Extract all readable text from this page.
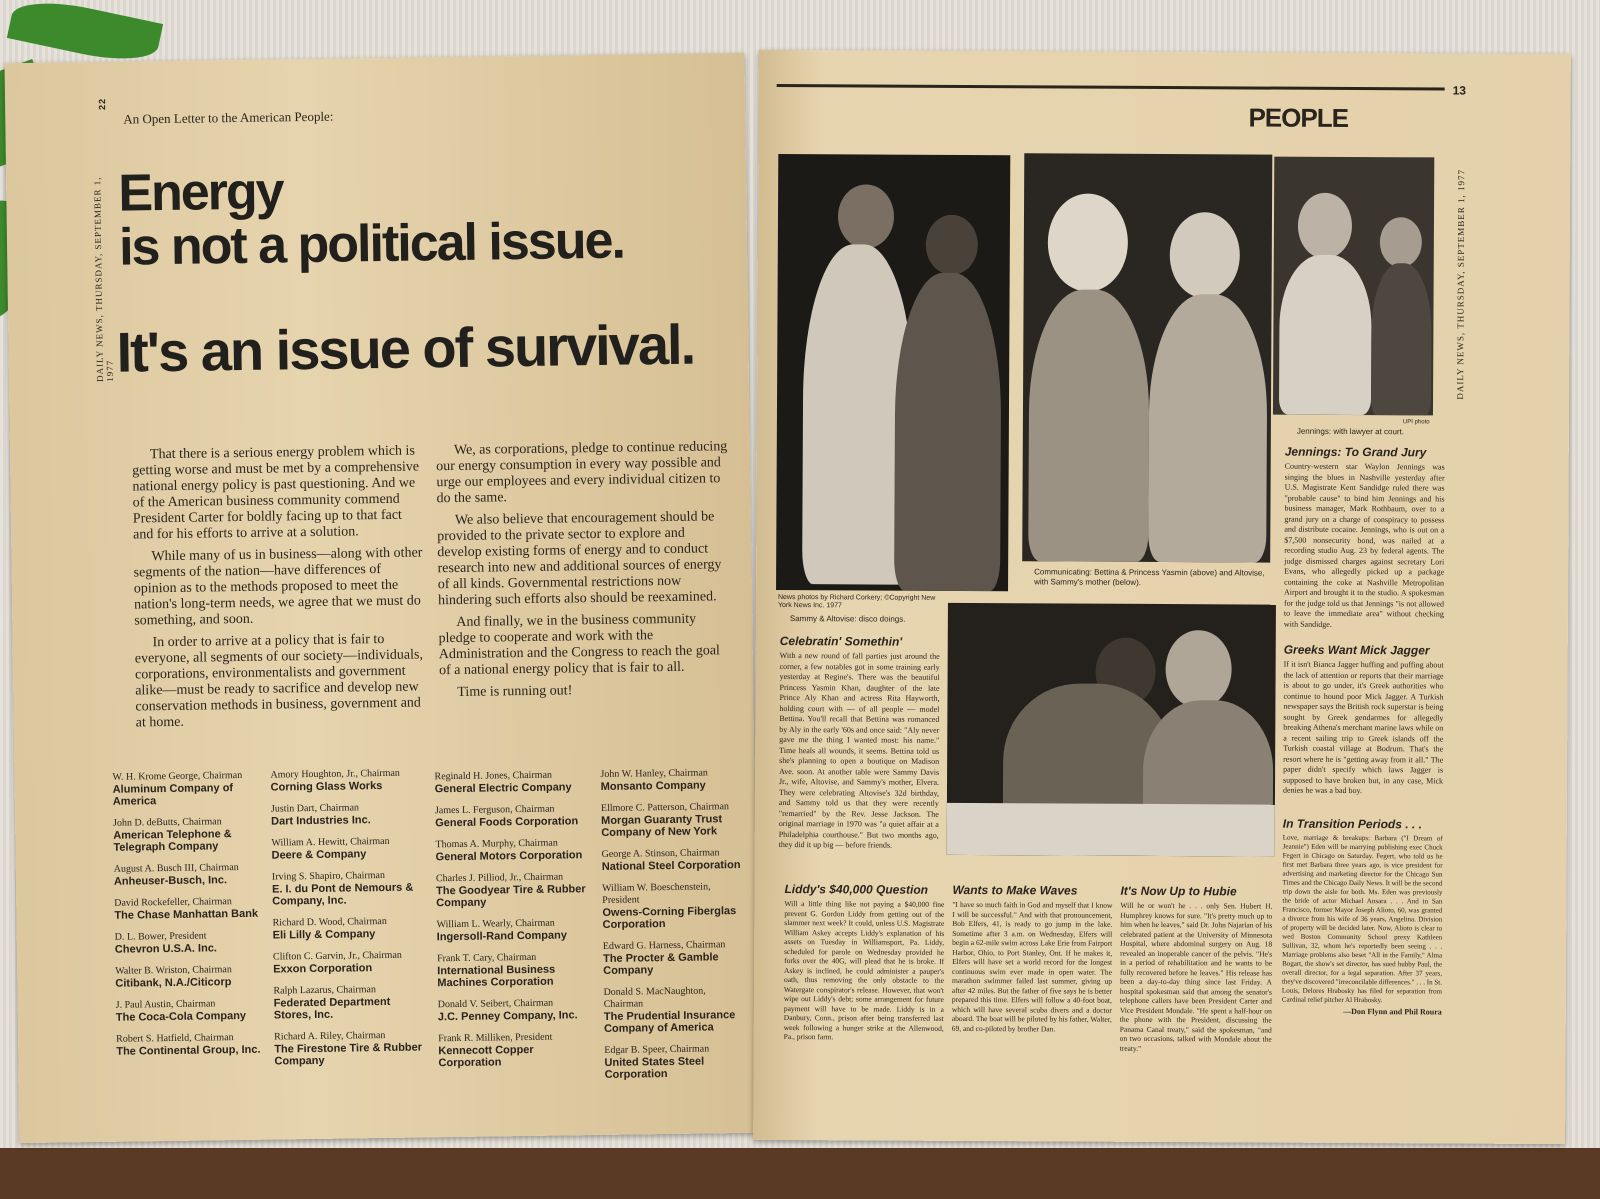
22
DAILY NEWS, THURSDAY, SEPTEMBER 1, 1977
An Open Letter to the American People:
Energy
is not a political issue.
It's an issue of survival.

That there is a serious energy problem which is getting worse and must be met by a comprehensive national energy policy is past questioning. And we of the American business community commend President Carter for boldly facing up to that fact and for his efforts to arrive at a solution.

While many of us in business—along with other segments of the nation—have differences of opinion as to the methods proposed to meet the nation's long-term needs, we agree that we must do something, and soon.

In order to arrive at a policy that is fair to everyone, all segments of our society—individuals, corporations, environmentalists and government alike—must be ready to sacrifice and develop new conservation methods in business, government and at home.

We, as corporations, pledge to continue reducing our energy consumption in every way possible and urge our employees and every individual citizen to do the same.

We also believe that encouragement should be provided to the private sector to explore and develop existing forms of energy and to conduct research into new and additional sources of energy of all kinds. Governmental restrictions now hindering such efforts also should be reexamined.

And finally, we in the business community pledge to cooperate and work with the Administration and the Congress to reach the goal of a national energy policy that is fair to all.

Time is running out!

W. H. Krome George, Chairman
Aluminum Company of America
John D. deButts, Chairman
American Telephone & Telegraph Company
August A. Busch III, Chairman
Anheuser-Busch, Inc.
David Rockefeller, Chairman
The Chase Manhattan Bank
D. L. Bower, President
Chevron U.S.A. Inc.
Walter B. Wriston, Chairman
Citibank, N.A./Citicorp
J. Paul Austin, Chairman
The Coca-Cola Company
Robert S. Hatfield, Chairman
The Continental Group, Inc.
Amory Houghton, Jr., Chairman
Corning Glass Works
Justin Dart, Chairman
Dart Industries Inc.
William A. Hewitt, Chairman
Deere & Company
Irving S. Shapiro, Chairman
E. I. du Pont de Nemours & Company, Inc.
Richard D. Wood, Chairman
Eli Lilly & Company
Clifton C. Garvin, Jr., Chairman
Exxon Corporation
Ralph Lazarus, Chairman
Federated Department Stores, Inc.
Richard A. Riley, Chairman
The Firestone Tire & Rubber Company
Reginald H. Jones, Chairman
General Electric Company
James L. Ferguson, Chairman
General Foods Corporation
Thomas A. Murphy, Chairman
General Motors Corporation
Charles J. Pilliod, Jr., Chairman
The Goodyear Tire & Rubber Company
William L. Wearly, Chairman
Ingersoll-Rand Company
Frank T. Cary, Chairman
International Business Machines Corporation
Donald V. Seibert, Chairman
J.C. Penney Company, Inc.
Frank R. Milliken, President
Kennecott Copper Corporation
John W. Hanley, Chairman
Monsanto Company
Ellmore C. Patterson, Chairman
Morgan Guaranty Trust Company of New York
George A. Stinson, Chairman
National Steel Corporation
William W. Boeschenstein, President
Owens-Corning Fiberglas Corporation
Edward G. Harness, Chairman
The Procter & Gamble Company
Donald S. MacNaughton, Chairman
The Prudential Insurance Company of America
Edgar B. Speer, Chairman
United States Steel Corporation
13
PEOPLE
DAILY NEWS, THURSDAY, SEPTEMBER 1, 1977
News photos by Richard Corkery; ©Copyright New York News Inc. 1977
Sammy & Altovise: disco doings.
Communicating: Bettina & Princess Yasmin (above) and Altovise, with Sammy's mother (below).
UPI photo
Jennings: with lawyer at court.
Celebratin' Somethin'
With a new round of fall parties just around the corner, a few notables got in some training early yesterday at Regine's. There was the beautiful Princess Yasmin Khan, daughter of the late Prince Aly Khan and actress Rita Hayworth, holding court with — of all people — model Bettina. You'll recall that Bettina was romanced by Aly in the early '60s and once said: "Aly never gave me the thing I wanted most: his name." Time heals all wounds, it seems. Bettina told us she's planning to open a boutique on Madison Ave. soon. At another table were Sammy Davis Jr., wife, Altovise, and Sammy's mother, Elvera. They were celebrating Altovise's 32d birthday, and Sammy told us that they were recently "remarried" by the Rev. Jesse Jackson. The original marriage in 1970 was "a quiet affair at a Philadelphia courthouse." But two months ago, they did it up big — before friends.
Jennings: To Grand Jury
Country-western star Waylon Jennings was singing the blues in Nashville yesterday after U.S. Magistrate Kent Sandidge ruled there was "probable cause" to bind him Jennings and his business manager, Mark Rothbaum, over to a grand jury on a charge of conspiracy to possess and distribute cocaine. Jennings, who is out on a $7,500 nonsecurity bond, was nailed at a recording studio Aug. 23 by federal agents. The judge dismissed charges against secretary Lori Evans, who allegedly picked up a package containing the coke at Nashville Metropolitan Airport and brought it to the studio. A spokesman for the judge told us that Jennings "is not allowed to leave the immediate area" without checking with Sandidge.
Greeks Want Mick Jagger
If it isn't Bianca Jagger huffing and puffing about the lack of attention or reports that their marriage is about to go under, it's Greek authorities who continue to hound poor Mick Jagger. A Turkish newspaper says the British rock superstar is being sought by Greek gendarmes for allegedly breaking Athena's merchant marine laws while on a recent sailing trip to Greek islands off the Turkish coastal village at Bodrum. That's the resort where he is "getting away from it all." The paper didn't specify which laws Jagger is supposed to have broken but, in any case, Mick denies he was a bad boy.
In Transition Periods . . .
Love, marriage & breakups: Barbara ("I Dream of Jeannie") Eden will be marrying publishing exec Chuck Fegert in Chicago on Saturday. Fegert, who told us he first met Barbara three years ago, is vice president for advertising and marketing director for the Chicago Sun Times and the Chicago Daily News. It will be the second trip down the aisle for both. Ms. Eden was previously the bride of actor Michael Ansara . . . And in San Francisco, former Mayor Joseph Alioto, 60, was granted a divorce from his wife of 36 years, Angelina. Division of property will be decided later. Now, Alioto is clear to wed Boston Community School prexy Kathleen Sullivan, 32, whom he's reportedly been seeing . . . Marriage problems also beset "All in the Family," Alma Bogart, the show's set director, has sued hubby Paul, the overall director, for a legal separation. After 37 years, they've discovered "irreconcilable differences." . . . In St. Louis, Delores Hrabosky has filed for separation from Cardinal relief pitcher Al Hrabosky.
—Don Flynn and Phil Roura
Liddy's $40,000 Question
Will a little thing like not paying a $40,000 fine prevent G. Gordon Liddy from getting out of the slammer next week? It could, unless U.S. Magistrate William Askey accepts Liddy's explanation of his assets on Tuesday in Williamsport, Pa. Liddy, scheduled for parole on Wednesday provided he forks over the 40G, will plead that he is broke. If Askey is inclined, he could administer a pauper's oath, thus removing the only obstacle to the Watergate conspirator's release. However, that won't wipe out Liddy's debt; some arrangement for future payment will have to be made. Liddy is in a Danbury, Conn., prison after being transferred last week following a hunger strike at the Allenwood, Pa., prison farm.
Wants to Make Waves
"I have so much faith in God and myself that I know I will be successful." And with that pronouncement, Bob Elfers, 41, is ready to go jump in the lake. Sometime after 3 a.m. on Wednesday, Elfers will begin a 62-mile swim across Lake Erie from Fairport Harbor, Ohio, to Port Stanley, Ont. If he makes it, Elfers will have set a world record for the longest continuous swim ever made in open water. The marathon swimmer failed last summer, giving up after 42 miles. But the father of five says he is better prepared this time. Elfers will follow a 40-foot boat, which will have several scuba divers and a doctor aboard. The boat will be piloted by his father, Walter, 69, and co-piloted by brother Dan.
It's Now Up to Hubie
Will he or won't he . . . only Sen. Hubert H. Humphrey knows for sure. "It's pretty much up to him when he leaves," said Dr. John Najarian of his celebrated patient at the University of Minnesota Hospital, where abdominal surgery on Aug. 18 revealed an inoperable cancer of the pelvis. "He's in a period of rehabilitation and he wants to be fully recovered before he leaves." His release has been a day-to-day thing since last Friday. A hospital spokesman said that among the senator's telephone callers have been President Carter and Vice President Mondale. "He spent a half-hour on the phone with the President, discussing the Panama Canal treaty," said the spokesman, "and on two occasions, talked with Mondale about the treaty."
